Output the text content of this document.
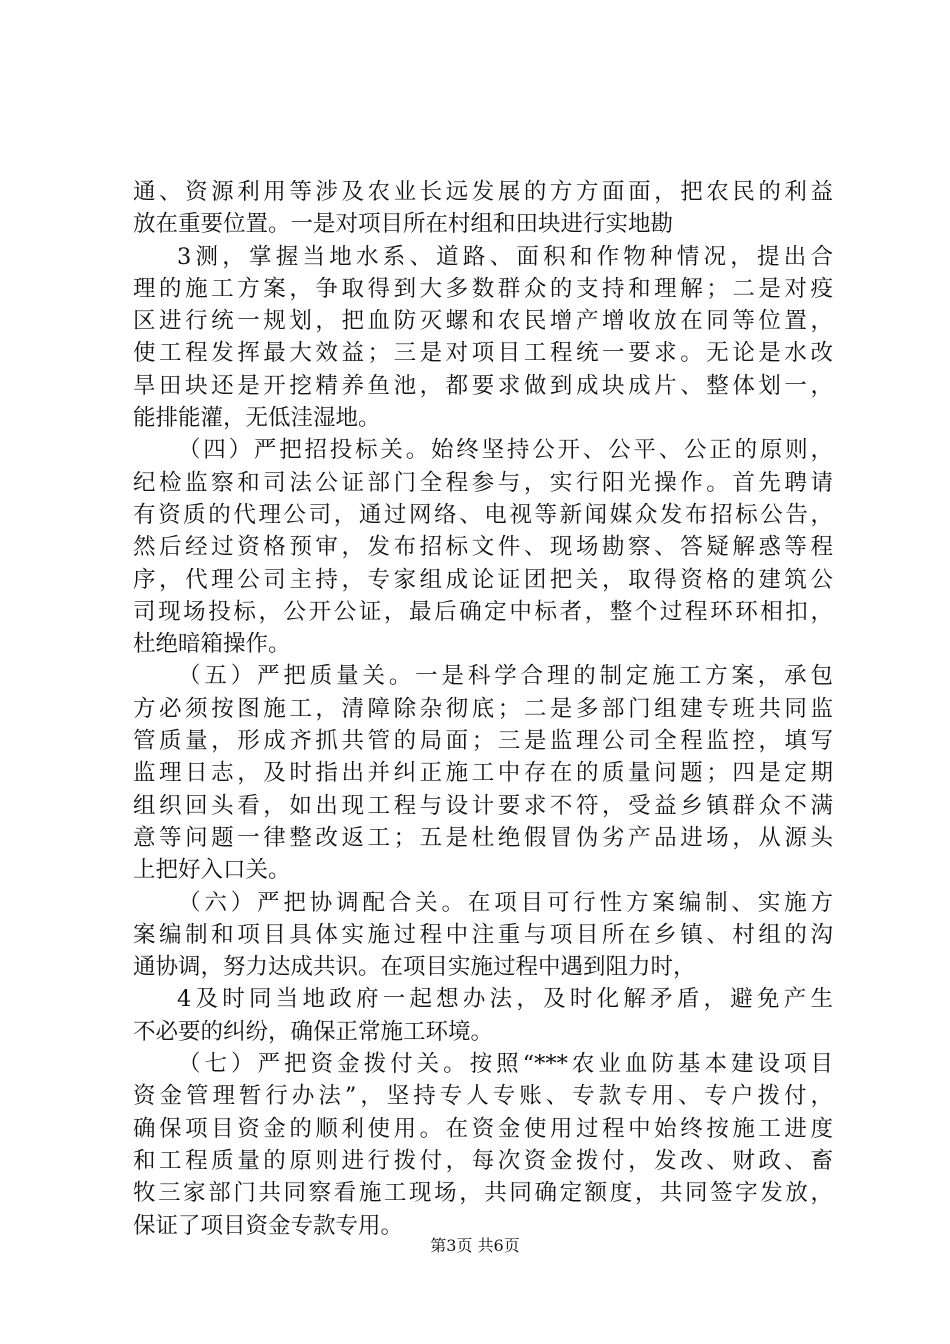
通、资源利用等涉及农业长远发展的方方面面，把农民的利益
放在重要位置。一是对项目所在村组和田块进行实地勘
3测，掌握当地水系、道路、面积和作物种情况，提出合
理的施工方案，争取得到大多数群众的支持和理解；二是对疫
区进行统一规划，把血防灭螺和农民增产增收放在同等位置，
使工程发挥最大效益；三是对项目工程统一要求。无论是水改
旱田块还是开挖精养鱼池，都要求做到成块成片、整体划一，
能排能灌，无低洼湿地。
（四）严把招投标关。始终坚持公开、公平、公正的原则，
纪检监察和司法公证部门全程参与，实行阳光操作。首先聘请
有资质的代理公司，通过网络、电视等新闻媒众发布招标公告，
然后经过资格预审，发布招标文件、现场勘察、答疑解惑等程
序，代理公司主持，专家组成论证团把关，取得资格的建筑公
司现场投标，公开公证，最后确定中标者，整个过程环环相扣，
杜绝暗箱操作。
（五）严把质量关。一是科学合理的制定施工方案，承包
方必须按图施工，清障除杂彻底；二是多部门组建专班共同监
管质量，形成齐抓共管的局面；三是监理公司全程监控，填写
监理日志，及时指出并纠正施工中存在的质量问题；四是定期
组织回头看，如出现工程与设计要求不符，受益乡镇群众不满
意等问题一律整改返工；五是杜绝假冒伪劣产品进场，从源头
上把好入口关。
（六）严把协调配合关。在项目可行性方案编制、实施方
案编制和项目具体实施过程中注重与项目所在乡镇、村组的沟
通协调，努力达成共识。在项目实施过程中遇到阻力时，
4及时同当地政府一起想办法，及时化解矛盾，避免产生
不必要的纠纷，确保正常施工环境。
（七）严把资金拨付关。按照“***农业血防基本建设项目
资金管理暂行办法”，坚持专人专账、专款专用、专户拨付，
确保项目资金的顺利使用。在资金使用过程中始终按施工进度
和工程质量的原则进行拨付，每次资金拨付，发改、财政、畜
牧三家部门共同察看施工现场，共同确定额度，共同签字发放，
保证了项目资金专款专用。
第3页 共6页
